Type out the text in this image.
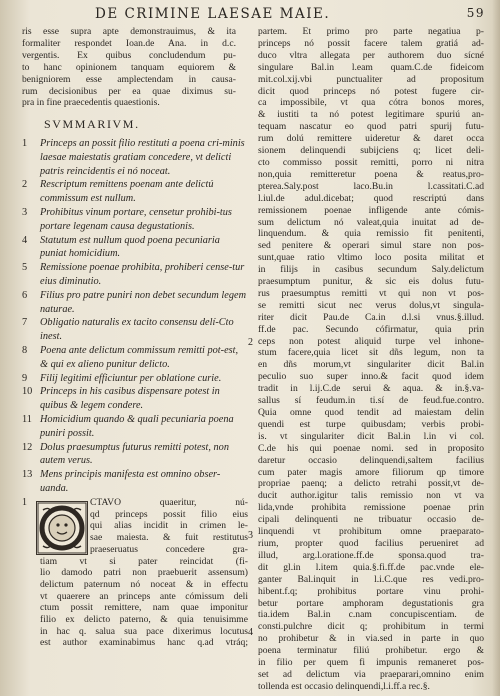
DE CRIMINE LAESAE MAIE.	59

ris esse supra apte demonstrauimus, & ita

formaliter respondet Ioan.de Ana. in d.c.

vergentis. Ex quibus concludendum pu-

to hanc opinionem tanquam equiorem &

benigniorem esse amplectendam in causa-

rum decisionibus per ea quae diximus su-

pra in fine praecedentis quaestionis.

SVMMARIVM.
1	Princeps an possit filio restituti a poena cri-minis laesae maiestatis gratiam concedere, vt delicti patris reincidentis ei nó noceat.
2	Rescriptum remittens poenam ante delictú commissum est nullum.
3	Prohibitus vinum portare, censetur prohibi-tus portare legenam causa degustationis.
4	Statutum est nullum quod poena pecuniaria puniat homicidium.
5	Remissione poenae prohibita, prohiberi cense-tur eius diminutio.
6	Filius pro patre puniri non debet secundum legem naturae.
7	Obligatio naturalis ex tacito consensu delí-Cto inest.
8	Poena ante delictum commissum remitti pot-est, & qui ex alieno punitur delicto.
9	Filij legitimi efficiuntur per oblatione curie.
10 Princeps in his casibus dispensare potest in quibus & legem condere.
11 Homicidium quando & quali pecuniaria poena puniri possit.
12 Dolus praesumptus futurus remitti potest, non autem verus.
13 Mens principis manifesta est omnino obser-uanda.
1	CTAVO quaeritur, nú-
qd princeps possit filio eius
qui alias incidit in crimen le-
sae maiesta. & fuit restitutus
praeseruatus concedere gra-
tiam vt si pater reincidat (fi-
lio damodo patri non praebuerit assensum)
delictum paternum nó noceat & in effectu
vt quaerere an princeps ante cómissum deli
ctum possit remittere, nam quae imponitur
filio ex delicto paterno, & quia tenuisimme
in hac q. salua sua pace dixerimus locutus
est author examinabimus hanc q.ad vtráq;

partem. Et primo pro parte negatiua p-

princeps nó possit facere talem gratiá ad-

duco vltra allegata per authorem duo sícné

singulare Bal.in l.eam quam.C.de fideicom

mit.col.xij.vbi punctualiter ad propositum

dicit quod princeps nó potest fugere cir-

ca impossibile, vt qua cótra bonos mores,

& iustiti ta nó potest legitimare spuriú an-

tequam nascatur eo quod patri spurij futu-

rum dolú remittere uideretur & daret occa

sionem delinquendi subijciens q; licet deli-

cto commisso possit remitti, porro ni nitra

non,quia remitteretur poena & reatus,pro-

pterea.Saly.post laco.Bu.in l.cassitati.C.ad

l.iul.de adul.dicebat; quod rescriptú dans

remissionem poenae infligende ante cómis-

sum delictum nó valeat,quia inuitat ad de-

linquendum. & quia remissio fit penitenti,

sed penitere & operari simul stare non pos-

sunt,quae ratio vltimo loco posita militat et

in filijs in casibus secundum Saly.delictum

praesumptum punitur, & sic eis dolus futu-

rus praesumptus remitti vt qui non vt pos-

se remitti sicut nec verus dolus,vt singula-

riter dicit Pau.de Ca.in d.l.si vnus.§.illud.

ff.de pac. Secundo cófirmatur, quia prin

ceps non potest aliquid turpe vel inhone-

stum facere,quia licet sit dñs legum, non ta

en dñs morum,vt singulariter dicit Bal.in

peculio suo super inno.& facit quod idem

tradit in l.ij.C.de serui & aqua. & in.§.va-

sallus sí feudum.in ti.sí de feud.fue.contro.

Quia omne quod tendit ad maiestam delin

quendi est turpe quibusdam; verbis probi-

is. vt singulariter dicit Bal.in l.in vi col.

C.de his qui poenae nomi. sed in proposito

daretur occasio delinquendi,saltem facilius

cum pater magis amore filiorum qp timore

propriae paenq; a delicto retrahi possit,vt de-

ducit author.igitur talis remissio non vt va

lida,vnde prohibita remissione poenae prin

cipali delinquenti ne tribuatur occasio de-

linquendi vt prohibitum omne praeparato-

rium, propter quod facilius perueniret ad

illud, arg.l.oratione.ff.de sponsa.quod tra-

dit gl.in l.item quia.§.fi.ff.de pac.vnde ele-

ganter Bal.inquit in l.i.C.que res vedi.pro-

hibent.f.q; prohibitus portare vinu prohi-

betur portare amphoram degustationis gra

tia.idem Bal.in c.nam concupiscentiam. de

consti.pulchre dicit q; prohibitum in termi

no prohibetur & in via.sed in parte in quo

poena terminatur filiú prohibetur. ergo &

in filio per quem fi impunis remaneret pos-

set ad delictum via praeparari,omnino enim

tollenda est occasio delinquendi,l.i.ff.a rec.§.

2
3
4
